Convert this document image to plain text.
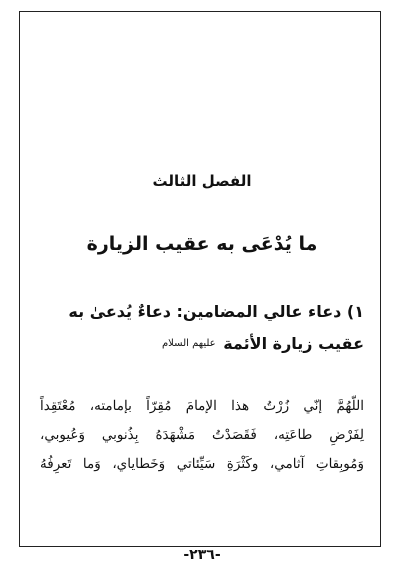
الفصل الثالث
ما يُدْعَى به عقيب الزيارة
١) دعاء عالي المضامين: دعاءٌ يُدعىٰ به
عقيب زيارة الأئمة عليهم السلام
اللّهُمَّ إنّي زُرْتُ هذا الإمامَ مُقِرّاً بإمامته، مُعْتَقِداً
لِفَرْضِ طاعَتِه، فَقَصَدْتُ مَشْهَدَهُ بِذُنوبي وَعُيوبي،
وَمُوبِقاتِ آثامي، وكَثْرَةِ سَيِّئاتي وَخَطاياي، وَما تَعرِفُهُ
-٢٣٦-
